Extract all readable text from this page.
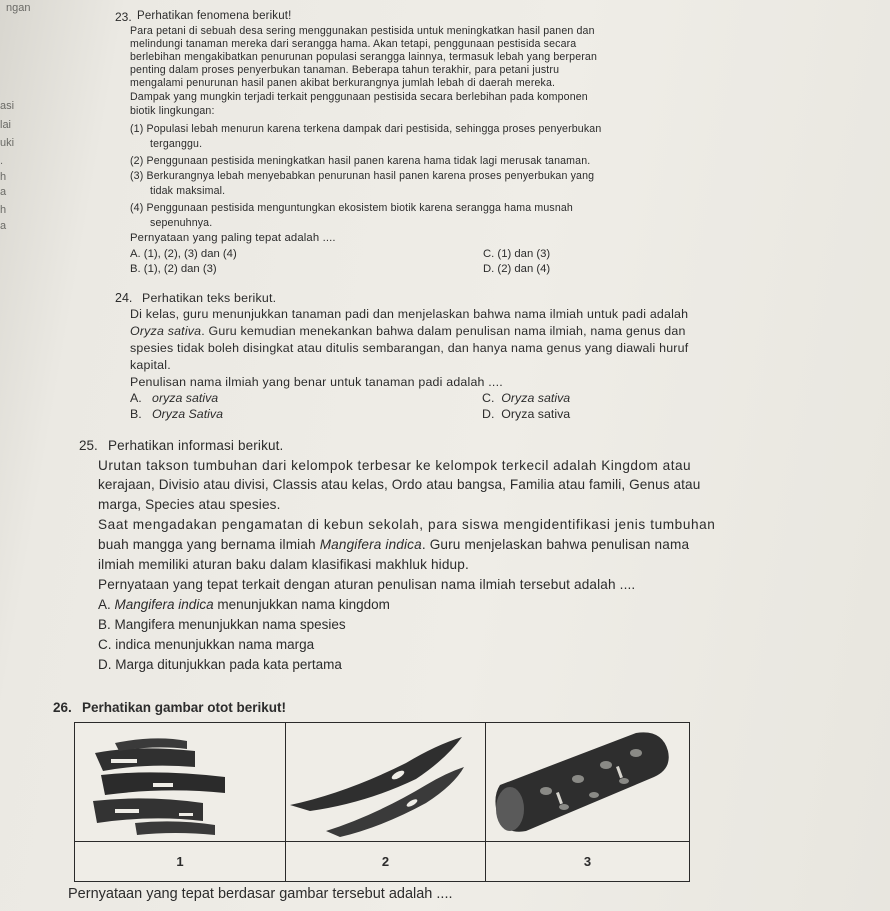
ngan
asi
lai
uki
.
h
a
h
a
23. Perhatikan fenomena berikut!
Para petani di sebuah desa sering menggunakan pestisida untuk meningkatkan hasil panen dan
melindungi tanaman mereka dari serangga hama. Akan tetapi, penggunaan pestisida secara
berlebihan mengakibatkan penurunan populasi serangga lainnya, termasuk lebah yang berperan
penting dalam proses penyerbukan tanaman. Beberapa tahun terakhir, para petani justru
mengalami penurunan hasil panen akibat berkurangnya jumlah lebah di daerah mereka.
Dampak yang mungkin terjadi terkait penggunaan pestisida secara berlebihan pada komponen
biotik lingkungan:
(1) Populasi lebah menurun karena terkena dampak dari pestisida, sehingga proses penyerbukan
terganggu.
(2) Penggunaan pestisida meningkatkan hasil panen karena hama tidak lagi merusak tanaman.
(3) Berkurangnya lebah menyebabkan penurunan hasil panen karena proses penyerbukan yang
tidak maksimal.
(4) Penggunaan pestisida menguntungkan ekosistem biotik karena serangga hama musnah
sepenuhnya.
Pernyataan yang paling tepat adalah ....
A. (1), (2), (3) dan (4)
B. (1), (2) dan (3)
C. (1) dan (3)
D. (2) dan (4)
24. Perhatikan teks berikut.
Di kelas, guru menunjukkan tanaman padi dan menjelaskan bahwa nama ilmiah untuk padi adalah
Oryza sativa. Guru kemudian menekankan bahwa dalam penulisan nama ilmiah, nama genus dan
spesies tidak boleh disingkat atau ditulis sembarangan, dan hanya nama genus yang diawali huruf
kapital.
Penulisan nama ilmiah yang benar untuk tanaman padi adalah ....
A. oryza sativa
B. Oryza Sativa
C. Oryza sativa
D. Oryza sativa
25. Perhatikan informasi berikut.
Urutan takson tumbuhan dari kelompok terbesar ke kelompok terkecil adalah Kingdom atau
kerajaan, Divisio atau divisi, Classis atau kelas, Ordo atau bangsa, Familia atau famili, Genus atau
marga, Species atau spesies.
Saat mengadakan pengamatan di kebun sekolah, para siswa mengidentifikasi jenis tumbuhan
buah mangga yang bernama ilmiah Mangifera indica. Guru menjelaskan bahwa penulisan nama
ilmiah memiliki aturan baku dalam klasifikasi makhluk hidup.
Pernyataan yang tepat terkait dengan aturan penulisan nama ilmiah tersebut adalah ....
A. Mangifera indica menunjukkan nama kingdom
B. Mangifera menunjukkan nama spesies
C. indica menunjukkan nama marga
D. Marga ditunjukkan pada kata pertama
26. Perhatikan gambar otot berikut!
1	2	3
Pernyataan yang tepat berdasar gambar tersebut adalah ....
